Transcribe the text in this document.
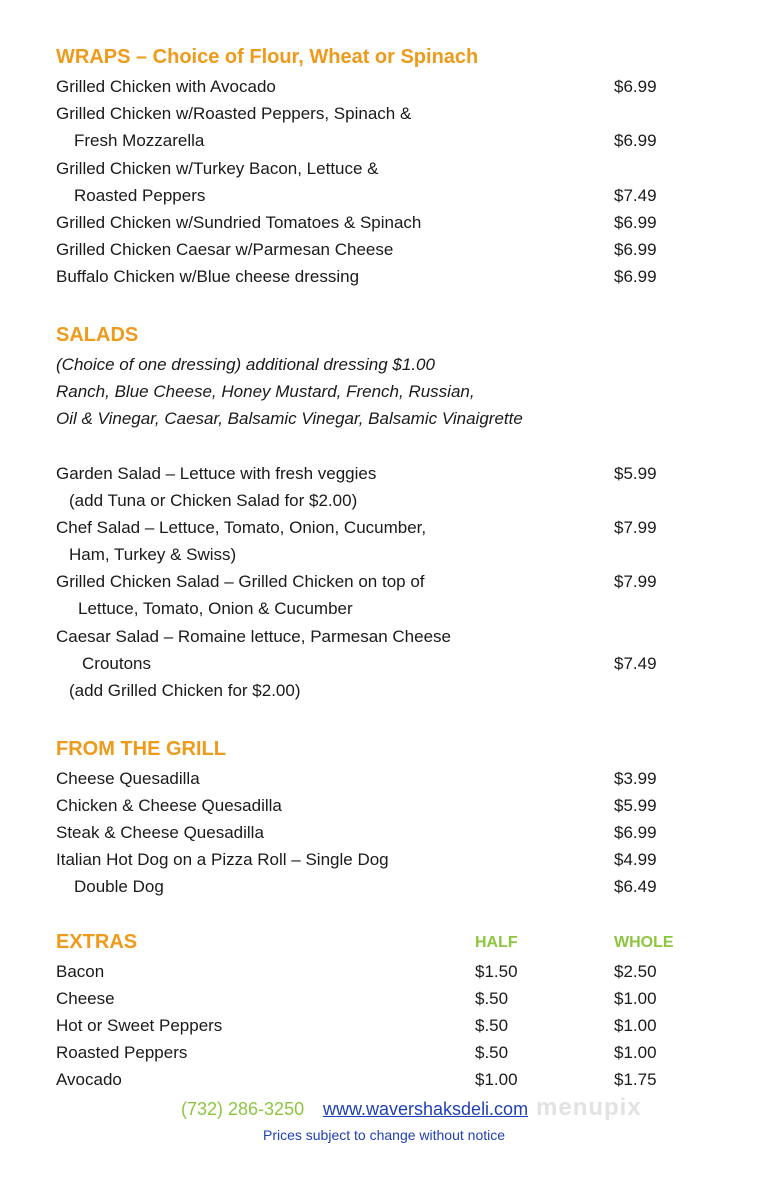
WRAPS – Choice of Flour, Wheat or Spinach
Grilled Chicken with Avocado	$6.99
Grilled Chicken w/Roasted Peppers, Spinach &
Fresh Mozzarella	$6.99
Grilled Chicken w/Turkey Bacon, Lettuce &
Roasted Peppers	$7.49
Grilled Chicken w/Sundried Tomatoes & Spinach	$6.99
Grilled Chicken Caesar w/Parmesan Cheese	$6.99
Buffalo Chicken w/Blue cheese dressing	$6.99
SALADS
(Choice of one dressing) additional dressing $1.00
Ranch, Blue Cheese, Honey Mustard, French, Russian,
Oil & Vinegar, Caesar, Balsamic Vinegar, Balsamic Vinaigrette
Garden Salad – Lettuce with fresh veggies	$5.99
(add Tuna or Chicken Salad for $2.00)
Chef Salad – Lettuce, Tomato, Onion, Cucumber,	$7.99
Ham, Turkey & Swiss)
Grilled Chicken Salad – Grilled Chicken on top of	$7.99
Lettuce, Tomato, Onion & Cucumber
Caesar Salad – Romaine lettuce, Parmesan Cheese
Croutons	$7.49
(add Grilled Chicken for $2.00)
FROM THE GRILL
Cheese Quesadilla	$3.99
Chicken & Cheese Quesadilla	$5.99
Steak & Cheese Quesadilla	$6.99
Italian Hot Dog on a Pizza Roll – Single Dog	$4.99
Double Dog	$6.49
EXTRAS	HALF	WHOLE
Bacon	$1.50	$2.50
Cheese	$.50	$1.00
Hot or Sweet Peppers	$.50	$1.00
Roasted Peppers	$.50	$1.00
Avocado	$1.00	$1.75
menupix
(732) 286-3250 www.wavershaksdeli.com
Prices subject to change without notice
